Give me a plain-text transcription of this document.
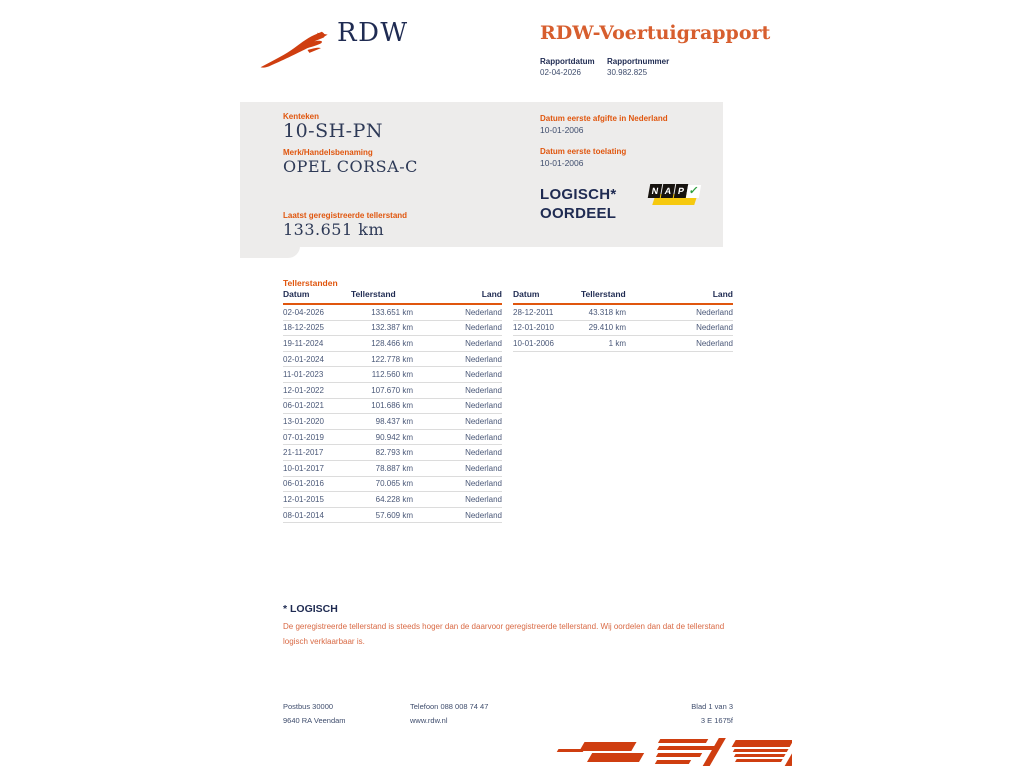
RDW	RDW-Voertuigrapport
Rapportdatum
02-04-2026
Rapportnummer
30.982.825
Kenteken
10-SH-PN
Merk/Handelsbenaming
OPEL CORSA-C
Laatst geregistreerde tellerstand
133.651 km
Datum eerste afgifte in Nederland
10-01-2006
Datum eerste toelating
10-01-2006
LOGISCH*
OORDEEL
N A P ✓
Tellerstanden
Datum	Tellerstand	Land
02-04-2026	133.651 km	Nederland
18-12-2025	132.387 km	Nederland
19-11-2024	128.466 km	Nederland
02-01-2024	122.778 km	Nederland
11-01-2023	112.560 km	Nederland
12-01-2022	107.670 km	Nederland
06-01-2021	101.686 km	Nederland
13-01-2020	98.437 km	Nederland
07-01-2019	90.942 km	Nederland
21-11-2017	82.793 km	Nederland
10-01-2017	78.887 km	Nederland
06-01-2016	70.065 km	Nederland
12-01-2015	64.228 km	Nederland
08-01-2014	57.609 km	Nederland
Datum	Tellerstand	Land
28-12-2011	43.318 km	Nederland
12-01-2010	29.410 km	Nederland
10-01-2006	1 km	Nederland
* LOGISCH
De geregistreerde tellerstand is steeds hoger dan de daarvoor geregistreerde tellerstand. Wij oordelen dan dat de tellerstand logisch verklaarbaar is.
Postbus 30000
9640 RA Veendam
Telefoon 088 008 74 47
www.rdw.nl
Blad 1 van 3
3 E 1675f
